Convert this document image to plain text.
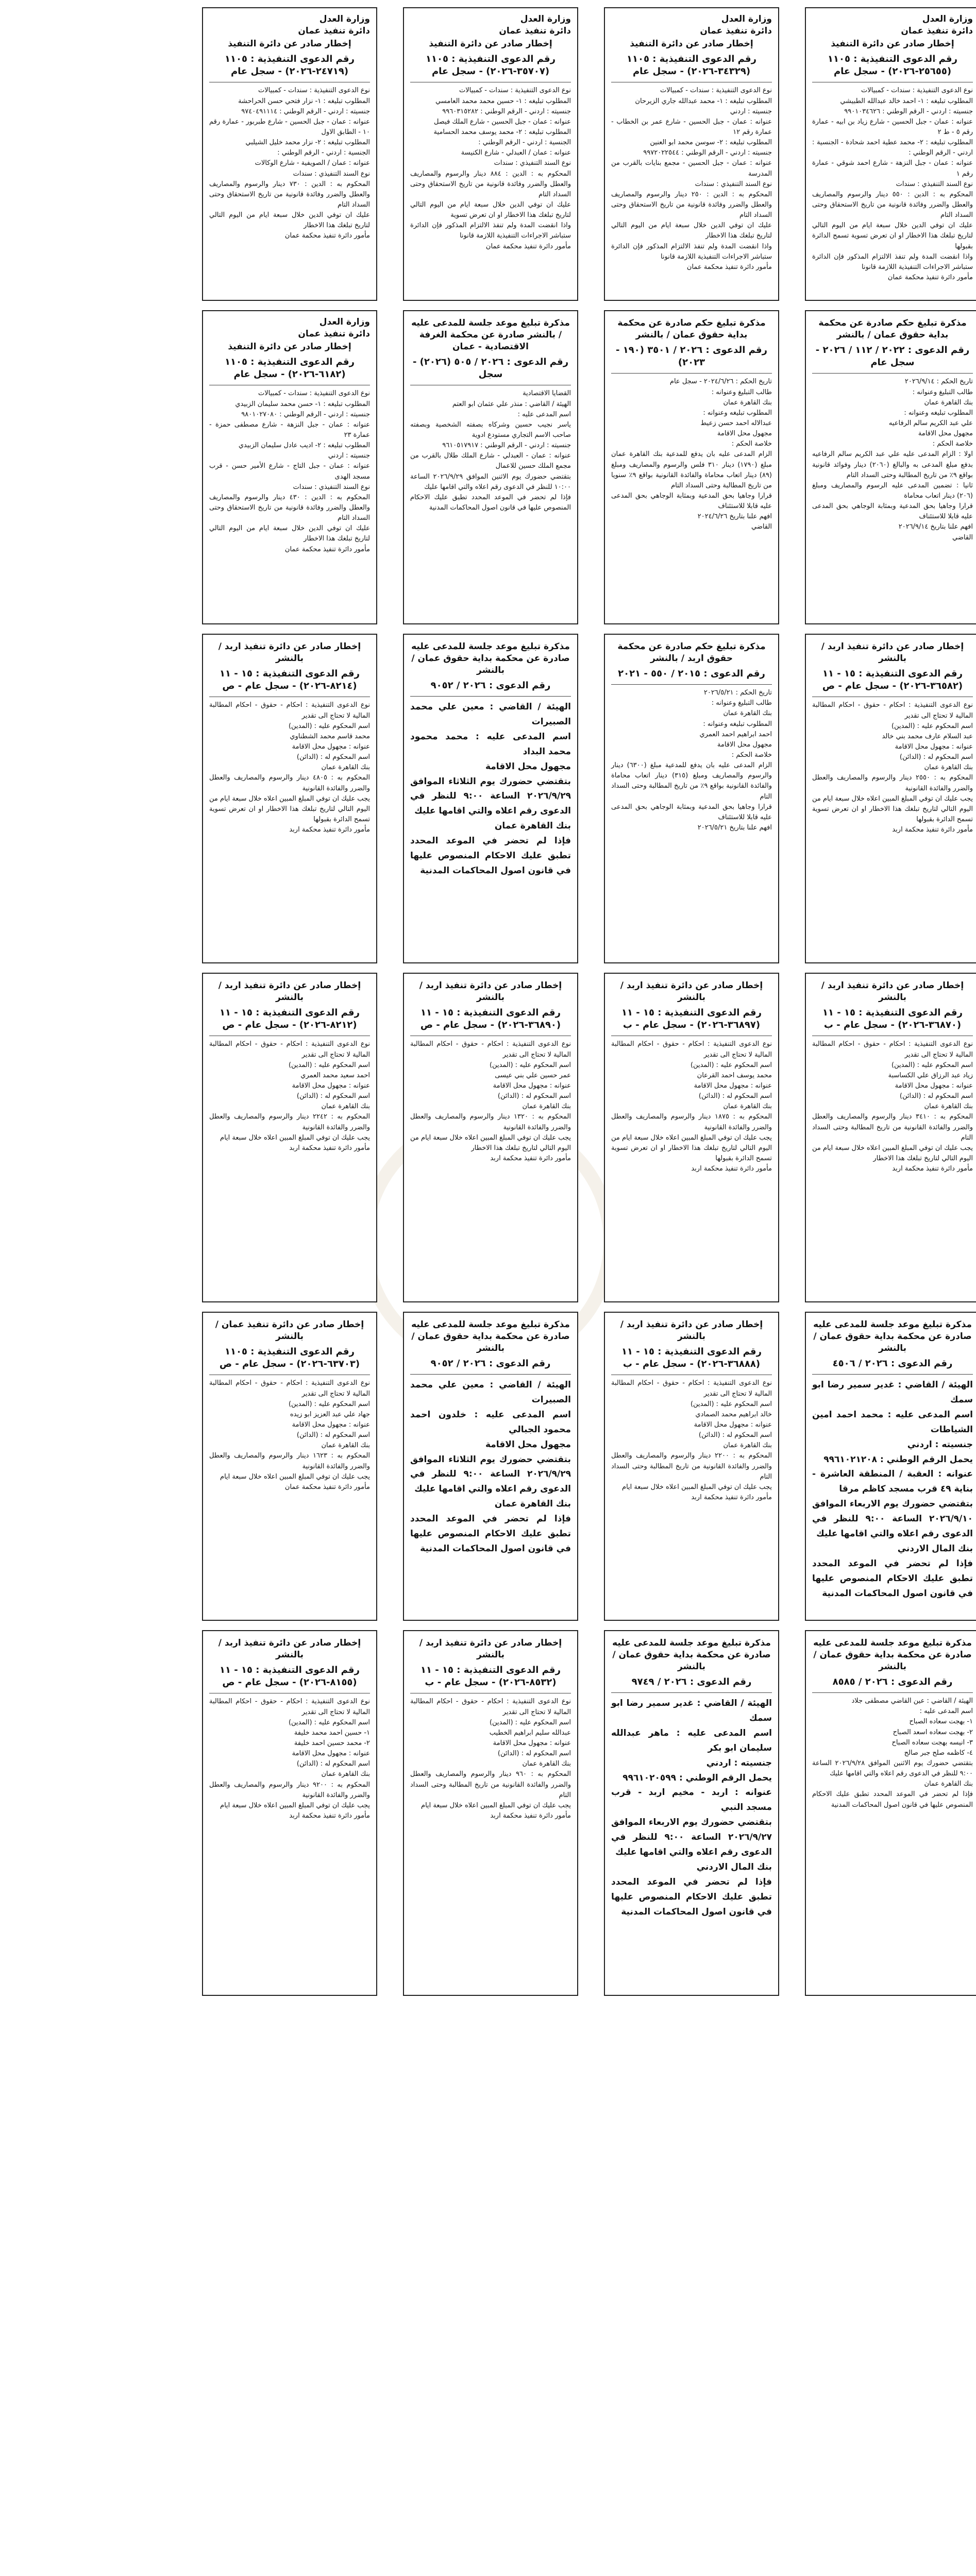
وزارة العدل
دائرة تنفيذ عمان
إخطار صادر عن دائرة التنفيذ
رقم الدعوى التنفيذية : ١١٠٥ (٢٥٦٥٥-٢٠٢٦) - سجل عام
نوع الدعوى التنفيذية : سندات - كمبيالات
المطلوب تبليغه : ١- احمد خالد عبدالله الطبيشي
جنسيته : اردني - الرقم الوطني : ٩٩٠١٠٣٤٦٢٦
عنوانه : عمان - جبل الحسين - شارع زياد بن ابيه - عمارة رقم ٥ - ط ٢
المطلوب تبليغه : ٢- محمد عطية احمد شحادة - الجنسية : اردني - الرقم الوطني :
عنوانه : عمان - جبل النزهة - شارع احمد شوقي - عمارة رقم ١
نوع السند التنفيذي : سندات
المحكوم به : الدين : ٥٥٠ دينار والرسوم والمصاريف والعطل والضرر وفائدة قانونية من تاريخ الاستحقاق وحتى السداد التام
عليك ان توفي الدين خلال سبعة ايام من اليوم التالي لتاريخ تبلغك هذا الاخطار او ان تعرض تسوية تسمح الدائرة بقبولها
واذا انقضت المدة ولم تنفذ الالتزام المذكور فإن الدائرة ستباشر الاجراءات التنفيذية اللازمة قانونا
مأمور دائرة تنفيذ محكمة عمان
مذكرة تبليغ حكم صادرة عن محكمة بداية حقوق عمان / بالنشر
رقم الدعوى : ٢٠٢٢ / ١١٢ / ٢٠٢٦ - سجل عام
تاريخ الحكم : ٢٠٢٦/٩/١٤
طالب التبليغ وعنوانه :
بنك القاهرة عمان
المطلوب تبليغه وعنوانه :
علي عبد الكريم سالم الرفاعيه
مجهول محل الاقامة
خلاصة الحكم :
اولا : الزام المدعى عليه علي عبد الكريم سالم الرفاعيه بدفع مبلغ المدعى به والبالغ (٢٠٦٠) دينار وفوائد قانونية بواقع ٩٪ من تاريخ المطالبة وحتى السداد التام
ثانيا : تضمين المدعى عليه الرسوم والمصاريف ومبلغ (٢٠٦) دينار اتعاب محاماة
قرارا وجاهيا بحق المدعية وبمثابة الوجاهي بحق المدعى عليه قابلا للاستئناف
افهم علنا بتاريخ ٢٠٢٦/٩/١٤
القاضي
إخطار صادر عن دائرة تنفيذ اربد / بالنشر
رقم الدعوى التنفيذية : ١٥ - ١١ (٣٦٥٨٢-٢٠٢٦) - سجل عام - ص
نوع الدعوى التنفيذية : احكام - حقوق - احكام المطالبة المالية لا تحتاج الى تقدير
اسم المحكوم عليه : (المدين)
عبد السلام عارف محمد بني خالد
عنوانه : مجهول محل الاقامة
اسم المحكوم له : (الدائن)
بنك القاهرة عمان
المحكوم به : ٢٥٥٠ دينار والرسوم والمصاريف والعطل والضرر والفائدة القانونية
يجب عليك ان توفي المبلغ المبين اعلاه خلال سبعة ايام من اليوم التالي لتاريخ تبلغك هذا الاخطار او ان تعرض تسوية تسمح الدائرة بقبولها
مأمور دائرة تنفيذ محكمة اربد
إخطار صادر عن دائرة تنفيذ اربد / بالنشر
رقم الدعوى التنفيذية : ١٥ - ١١ (٣٦٨٧٠-٢٠٢٦) - سجل عام - ب
نوع الدعوى التنفيذية : احكام - حقوق - احكام المطالبة المالية لا تحتاج الى تقدير
اسم المحكوم عليه : (المدين)
زياد عبد الرزاق علي الكساسبة
عنوانه : مجهول محل الاقامة
اسم المحكوم له : (الدائن)
بنك القاهرة عمان
المحكوم به : ٣٤١٠ دينار والرسوم والمصاريف والعطل والضرر والفائدة القانونية من تاريخ المطالبة وحتى السداد التام
يجب عليك ان توفي المبلغ المبين اعلاه خلال سبعة ايام من اليوم التالي لتاريخ تبلغك هذا الاخطار
مأمور دائرة تنفيذ محكمة اربد
مذكرة تبليغ موعد جلسة للمدعى عليه صادرة عن محكمة بداية حقوق عمان / بالنشر
رقم الدعوى : ٢٠٢٦ / ٤٥٠٦
الهيئة / القاضي : غدير سمير رضا ابو سمك
اسم المدعى عليه : محمد احمد امين الشياطات
جنسيته : اردني
يحمل الرقم الوطني : ٩٩٦١٠٢١٢٠٨
عنوانه : العقبة / المنطقة العاشرة - بناية ٤٩ قرب مسجد كاظم مرقا
بتقتضي حضورك يوم الاربعاء الموافق ٢٠٢٦/٩/١٠ الساعة ٩:٠٠ للنظر في الدعوى رقم اعلاه والتي اقامها عليك
بنك المال الاردني
فإذا لم تحضر في الموعد المحدد تطبق عليك الاحكام المنصوص عليها في قانون اصول المحاكمات المدنية
مذكرة تبليغ موعد جلسة للمدعى عليه صادرة عن محكمة بداية حقوق عمان / بالنشر
رقم الدعوى : ٢٠٢٦ / ٨٥٨٥
الهيئة / القاضي : عين القاضي مصطفى جلاد
اسم المدعى عليه :
١- بهجت سعاده الصباح
٢- بهجت سعاده اسعد الصباح
٣- انيسه بهجت سعاده الصباح
٤- كاظمه صلح جبر صالح
بتقتضي حضورك يوم الاثنين الموافق ٢٠٢٦/٩/٢٨ الساعة ٩:٠٠ للنظر في الدعوى رقم اعلاه والتي اقامها عليك
بنك القاهرة عمان
فإذا لم تحضر في الموعد المحدد تطبق عليك الاحكام المنصوص عليها في قانون اصول المحاكمات المدنية
وزارة العدل
دائرة تنفيذ عمان
إخطار صادر عن دائرة التنفيذ
رقم الدعوى التنفيذية : ١١٠٥ (٣٤٣٢٩-٢٠٢٦) - سجل عام
نوع الدعوى التنفيذية : سندات - كمبيالات
المطلوب تبليغه : ١- محمد عبدالله جاري الزيرحان
جنسيته : اردني
عنوانه : عمان - جبل الحسين - شارع عمر بن الخطاب - عمارة رقم ١٢
المطلوب تبليغه : ٢- سوسن محمد ابو العنين
جنسيته : اردني - الرقم الوطني : ٩٩٧٢٠٢٢٥٤٤
عنوانه : عمان - جبل الحسين - مجمع بنايات بالقرب من المدرسة
نوع السند التنفيذي : سندات
المحكوم به : الدين : ٢٥٠ دينار والرسوم والمصاريف والعطل والضرر وفائدة قانونية من تاريخ الاستحقاق وحتى السداد التام
عليك ان توفي الدين خلال سبعة ايام من اليوم التالي لتاريخ تبلغك هذا الاخطار
واذا انقضت المدة ولم تنفذ الالتزام المذكور فإن الدائرة ستباشر الاجراءات التنفيذية اللازمة قانونا
مأمور دائرة تنفيذ محكمة عمان
مذكرة تبليغ حكم صادرة عن محكمة بداية حقوق عمان / بالنشر
رقم الدعوى : ٢٠٢٦ / ٣٥٠١ (١٩٠ - ٢٠٢٣)
تاريخ الحكم : ٢٠٢٤/٦/٢٦ - سجل عام
طالب التبليغ وعنوانه :
بنك القاهرة عمان
المطلوب تبليغه وعنوانه :
عبدالاله احمد حسن زعيط
مجهول محل الاقامة
خلاصة الحكم :
الزام المدعى عليه بان يدفع للمدعية بنك القاهرة عمان مبلغ (١٧٩٠) دينار ٣١٠ فلس والرسوم والمصاريف ومبلغ (٨٩) دينار اتعاب محاماة والفائدة القانونية بواقع ٩٪ سنويا من تاريخ المطالبة وحتى السداد التام
قرارا وجاهيا بحق المدعية وبمثابة الوجاهي بحق المدعى عليه قابلا للاستئناف
افهم علنا بتاريخ ٢٠٢٤/٦/٢٦
القاضي
مذكرة تبليغ حكم صادرة عن محكمة حقوق اربد / بالنشر
رقم الدعوى : ٢٠١٥ / ٥٥٠ - ٢٠٢١
تاريخ الحكم : ٢٠٢٦/٥/٢١
طالب التبليغ وعنوانه :
بنك القاهرة عمان
المطلوب تبليغه وعنوانه :
احمد ابراهيم احمد العمري
مجهول محل الاقامة
خلاصة الحكم :
الزام المدعى عليه بان يدفع للمدعية مبلغ (٦٣٠٠) دينار والرسوم والمصاريف ومبلغ (٣١٥) دينار اتعاب محاماة والفائدة القانونية بواقع ٩٪ من تاريخ المطالبة وحتى السداد التام
قرارا وجاهيا بحق المدعية وبمثابة الوجاهي بحق المدعى عليه قابلا للاستئناف
افهم علنا بتاريخ ٢٠٢٦/٥/٢١
إخطار صادر عن دائرة تنفيذ اربد / بالنشر
رقم الدعوى التنفيذية : ١٥ - ١١ (٣٦٨٩٧-٢٠٢٦) - سجل عام - ب
نوع الدعوى التنفيذية : احكام - حقوق - احكام المطالبة المالية لا تحتاج الى تقدير
اسم المحكوم عليه : (المدين)
محمد يوسف احمد القرعان
عنوانه : مجهول محل الاقامة
اسم المحكوم له : (الدائن)
بنك القاهرة عمان
المحكوم به : ١٨٧٥ دينار والرسوم والمصاريف والعطل والضرر والفائدة القانونية
يجب عليك ان توفي المبلغ المبين اعلاه خلال سبعة ايام من اليوم التالي لتاريخ تبلغك هذا الاخطار او ان تعرض تسوية تسمح الدائرة بقبولها
مأمور دائرة تنفيذ محكمة اربد
إخطار صادر عن دائرة تنفيذ اربد / بالنشر
رقم الدعوى التنفيذية : ١٥ - ١١ (٣٦٨٨٨-٢٠٢٦) - سجل عام - ب
نوع الدعوى التنفيذية : احكام - حقوق - احكام المطالبة المالية لا تحتاج الى تقدير
اسم المحكوم عليه : (المدين)
خالد ابراهيم محمد الصمادي
عنوانه : مجهول محل الاقامة
اسم المحكوم له : (الدائن)
بنك القاهرة عمان
المحكوم به : ٢٢٠٠ دينار والرسوم والمصاريف والعطل والضرر والفائدة القانونية من تاريخ المطالبة وحتى السداد التام
يجب عليك ان توفي المبلغ المبين اعلاه خلال سبعة ايام
مأمور دائرة تنفيذ محكمة اربد
مذكرة تبليغ موعد جلسة للمدعى عليه صادرة عن محكمة بداية حقوق عمان / بالنشر
رقم الدعوى : ٢٠٢٦ / ٩٧٤٩
الهيئة / القاضي : غدير سمير رضا ابو سمك
اسم المدعى عليه : ماهر عبدالله سليمان ابو بكر
جنسيته : اردني
يحمل الرقم الوطني : ٩٩٦١٠٢٠٥٩٩
عنوانه : اربد - مخيم اربد - قرب مسجد النبي
بتقتضي حضورك يوم الاربعاء الموافق ٢٠٢٦/٩/٢٧ الساعة ٩:٠٠ للنظر في الدعوى رقم اعلاه والتي اقامها عليك
بنك المال الاردني
فإذا لم تحضر في الموعد المحدد تطبق عليك الاحكام المنصوص عليها في قانون اصول المحاكمات المدنية
وزارة العدل
دائرة تنفيذ عمان
إخطار صادر عن دائرة التنفيذ
رقم الدعوى التنفيذية : ١١٠٥ (٣٥٧٠٧-٢٠٢٦) - سجل عام
نوع الدعوى التنفيذية : سندات - كمبيالات
المطلوب تبليغه : ١- حسين محمد محمد العامسي
جنسيته : اردني - الرقم الوطني : ٩٩٦٠٣١٥٢٨٢
عنوانه : عمان - جبل الحسين - شارع الملك فيصل
المطلوب تبليغه : ٢- محمد يوسف محمد الحسامية
الجنسية : اردني - الرقم الوطني :
عنوانه : عمان / العبدلي - شارع الكنيسة
نوع السند التنفيذي : سندات
المحكوم به : الدين : ٨٨٤ دينار والرسوم والمصاريف والعطل والضرر وفائدة قانونية من تاريخ الاستحقاق وحتى السداد التام
عليك ان توفي الدين خلال سبعة ايام من اليوم التالي لتاريخ تبلغك هذا الاخطار او ان تعرض تسوية
واذا انقضت المدة ولم تنفذ الالتزام المذكور فإن الدائرة ستباشر الاجراءات التنفيذية اللازمة قانونا
مأمور دائرة تنفيذ محكمة عمان
مذكرة تبليغ موعد جلسة للمدعى عليه / بالنشر صادرة عن محكمة الغرفة الاقتصادية - عمان
رقم الدعوى : ٢٠٢٦ / ٥٠٥ (٢٠٢٦) - سجل
القضايا الاقتصادية
الهيئة / القاضي : منذر علي عثمان ابو العتم
اسم المدعى عليه :
ياسر نجيب حسين وشركاه بصفته الشخصية وبصفته صاحب الاسم التجاري مستودع ادوية
جنسيته : اردني - الرقم الوطني : ٩٦١٠٥١٧٩١٧
عنوانه : عمان - العبدلي - شارع الملك طلال بالقرب من مجمع الملك حسين للاعمال
بتقتضي حضورك يوم الاثنين الموافق ٢٠٢٦/٩/٢٩ الساعة ١٠:٠٠ للنظر في الدعوى رقم اعلاه والتي اقامها عليك
فإذا لم تحضر في الموعد المحدد تطبق عليك الاحكام المنصوص عليها في قانون اصول المحاكمات المدنية
مذكرة تبليغ موعد جلسة للمدعى عليه صادرة عن محكمة بداية حقوق عمان / بالنشر
رقم الدعوى : ٢٠٢٦ / ٩٠٥٢
الهيئة / القاضي : معين علي محمد الصبيرات
اسم المدعى عليه : محمد محمود محمد البداد
مجهول محل الاقامة
بتقتضي حضورك يوم الثلاثاء الموافق ٢٠٢٦/٩/٢٩ الساعة ٩:٠٠ للنظر في الدعوى رقم اعلاه والتي اقامها عليك
بنك القاهرة عمان
فإذا لم تحضر في الموعد المحدد تطبق عليك الاحكام المنصوص عليها في قانون اصول المحاكمات المدنية
إخطار صادر عن دائرة تنفيذ اربد / بالنشر
رقم الدعوى التنفيذية : ١٥ - ١١ (٣٦٨٩٠-٢٠٢٦) - سجل عام - ص
نوع الدعوى التنفيذية : احكام - حقوق - احكام المطالبة المالية لا تحتاج الى تقدير
اسم المحكوم عليه : (المدين)
عمر حسين علي بني عيسى
عنوانه : مجهول محل الاقامة
اسم المحكوم له : (الدائن)
بنك القاهرة عمان
المحكوم به : ١٣٢٠ دينار والرسوم والمصاريف والعطل والضرر والفائدة القانونية
يجب عليك ان توفي المبلغ المبين اعلاه خلال سبعة ايام من اليوم التالي لتاريخ تبلغك هذا الاخطار
مأمور دائرة تنفيذ محكمة اربد
مذكرة تبليغ موعد جلسة للمدعى عليه صادرة عن محكمة بداية حقوق عمان / بالنشر
رقم الدعوى : ٢٠٢٦ / ٩٠٥٢
الهيئة / القاضي : معين علي محمد الصبيرات
اسم المدعى عليه : خلدون احمد محمود الجبالي
مجهول محل الاقامة
بتقتضي حضورك يوم الثلاثاء الموافق ٢٠٢٦/٩/٢٩ الساعة ٩:٠٠ للنظر في الدعوى رقم اعلاه والتي اقامها عليك
بنك القاهرة عمان
فإذا لم تحضر في الموعد المحدد تطبق عليك الاحكام المنصوص عليها في قانون اصول المحاكمات المدنية
إخطار صادر عن دائرة تنفيذ اربد / بالنشر
رقم الدعوى التنفيذية : ١٥ - ١١ (٨٥٣٢-٢٠٢٦) - سجل عام - ب
نوع الدعوى التنفيذية : احكام - حقوق - احكام المطالبة المالية لا تحتاج الى تقدير
اسم المحكوم عليه : (المدين)
عبدالله سليم ابراهيم الخطيب
عنوانه : مجهول محل الاقامة
اسم المحكوم له : (الدائن)
بنك القاهرة عمان
المحكوم به : ٩٦٠ دينار والرسوم والمصاريف والعطل والضرر والفائدة القانونية من تاريخ المطالبة وحتى السداد التام
يجب عليك ان توفي المبلغ المبين اعلاه خلال سبعة ايام
مأمور دائرة تنفيذ محكمة اربد
وزارة العدل
دائرة تنفيذ عمان
إخطار صادر عن دائرة التنفيذ
رقم الدعوى التنفيذية : ١١٠٥ (٢٤٧١٩-٢٠٢٦) - سجل عام
نوع الدعوى التنفيذية : سندات - كمبيالات
المطلوب تبليغه : ١- نزار فتحي حسن الحراحشة
جنسيته : اردني - الرقم الوطني : ٩٧٤٠٤٩١١١٤
عنوانه : عمان - جبل الحسين - شارع طبربور - عمارة رقم ١٠ - الطابق الاول
المطلوب تبليغه : ٢- نزار محمد خليل الشيلبي
الجنسية : اردني - الرقم الوطني :
عنوانه : عمان / الصويفية - شارع الوكالات
نوع السند التنفيذي : سندات
المحكوم به : الدين : ٧٣٠ دينار والرسوم والمصاريف والعطل والضرر وفائدة قانونية من تاريخ الاستحقاق وحتى السداد التام
عليك ان توفي الدين خلال سبعة ايام من اليوم التالي لتاريخ تبلغك هذا الاخطار
مأمور دائرة تنفيذ محكمة عمان
وزارة العدل
دائرة تنفيذ عمان
إخطار صادر عن دائرة التنفيذ
رقم الدعوى التنفيذية : ١١٠٥ (٦١٨٢-٢٠٢٦) - سجل عام
نوع الدعوى التنفيذية : سندات - كمبيالات
المطلوب تبليغه : ١- حسن محمد سليمان الزبيدي
جنسيته : اردني - الرقم الوطني : ٩٨٠١٠٢٧٠٨٠
عنوانه : عمان - جبل النزهة - شارع مصطفى حمزة - عمارة ٢٣
المطلوب تبليغه : ٢- اديب عادل سليمان الزبيدي
جنسيته : اردني
عنوانه : عمان - جبل التاج - شارع الأمير حسن - قرب مسجد الهدى
نوع السند التنفيذي : سندات
المحكوم به : الدين : ٤٣٠ دينار والرسوم والمصاريف والعطل والضرر وفائدة قانونية من تاريخ الاستحقاق وحتى السداد التام
عليك ان توفي الدين خلال سبعة ايام من اليوم التالي لتاريخ تبلغك هذا الاخطار
مأمور دائرة تنفيذ محكمة عمان
إخطار صادر عن دائرة تنفيذ اربد / بالنشر
رقم الدعوى التنفيذية : ١٥ - ١١ (٨٢١٤-٢٠٢٦) - سجل عام - ص
نوع الدعوى التنفيذية : احكام - حقوق - احكام المطالبة المالية لا تحتاج الى تقدير
اسم المحكوم عليه : (المدين)
محمد قاسم محمد الشطناوي
عنوانه : مجهول محل الاقامة
اسم المحكوم له : (الدائن)
بنك القاهرة عمان
المحكوم به : ٤٨٠٥ دينار والرسوم والمصاريف والعطل والضرر والفائدة القانونية
يجب عليك ان توفي المبلغ المبين اعلاه خلال سبعة ايام من اليوم التالي لتاريخ تبلغك هذا الاخطار او ان تعرض تسوية تسمح الدائرة بقبولها
مأمور دائرة تنفيذ محكمة اربد
إخطار صادر عن دائرة تنفيذ اربد / بالنشر
رقم الدعوى التنفيذية : ١٥ - ١١ (٨٢١٢-٢٠٢٦) - سجل عام - ص
نوع الدعوى التنفيذية : احكام - حقوق - احكام المطالبة المالية لا تحتاج الى تقدير
اسم المحكوم عليه : (المدين)
احمد سعيد محمد العمري
عنوانه : مجهول محل الاقامة
اسم المحكوم له : (الدائن)
بنك القاهرة عمان
المحكوم به : ٢٢٤٢ دينار والرسوم والمصاريف والعطل والضرر والفائدة القانونية
يجب عليك ان توفي المبلغ المبين اعلاه خلال سبعة ايام
مأمور دائرة تنفيذ محكمة اربد
إخطار صادر عن دائرة تنفيذ عمان / بالنشر
رقم الدعوى التنفيذية : ١١٠٥ (٦٣٧٠٣-٢٠٢٦) - سجل عام - ص
نوع الدعوى التنفيذية : احكام - حقوق - احكام المطالبة المالية لا تحتاج الى تقدير
اسم المحكوم عليه : (المدين)
جهاد علي عبد العزيز ابو زيده
عنوانه : مجهول محل الاقامة
اسم المحكوم له : (الدائن)
بنك القاهرة عمان
المحكوم به : ١٦٢٣ دينار والرسوم والمصاريف والعطل والضرر والفائدة القانونية
يجب عليك ان توفي المبلغ المبين اعلاه خلال سبعة ايام
مأمور دائرة تنفيذ محكمة عمان
إخطار صادر عن دائرة تنفيذ اربد / بالنشر
رقم الدعوى التنفيذية : ١٥ - ١١ (٨١٥٥-٢٠٢٦) - سجل عام - ص
نوع الدعوى التنفيذية : احكام - حقوق - احكام المطالبة المالية لا تحتاج الى تقدير
اسم المحكوم عليه : (المدين)
١- حسين احمد محمد خليفة
٢- محمد حسين احمد خليفة
عنوانه : مجهول محل الاقامة
اسم المحكوم له : (الدائن)
بنك القاهرة عمان
المحكوم به : ٩٢٠٠ دينار والرسوم والمصاريف والعطل والضرر والفائدة القانونية
يجب عليك ان توفي المبلغ المبين اعلاه خلال سبعة ايام
مأمور دائرة تنفيذ محكمة اربد
